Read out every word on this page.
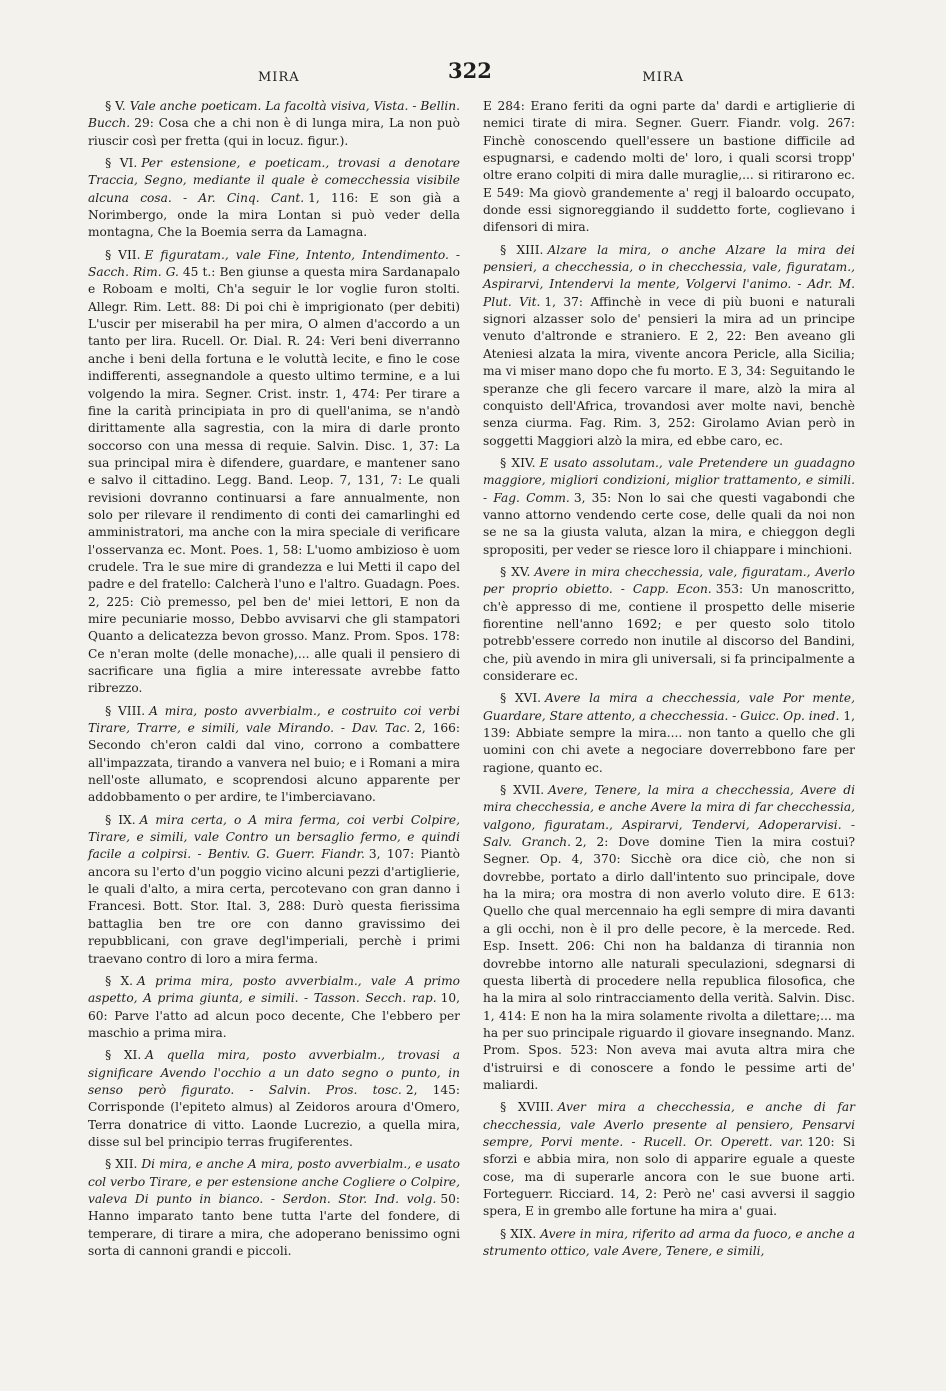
MIRA	322	MIRA

§ V. Vale anche poeticam. La facoltà visiva, Vista. - Bellin. Bucch. 29: Cosa che a chi non è di lunga mira, La non può riuscir così per fretta (qui in locuz. figur.).

§ VI. Per estensione, e poeticam., trovasi a denotare Traccia, Segno, mediante il quale è comecchessia visibile alcuna cosa. - Ar. Cinq. Cant. 1, 116: E son già a Norimbergo, onde la mira Lontan si può veder della montagna, Che la Boemia serra da Lamagna.

§ VII. E figuratam., vale Fine, Intento, Intendimento. - Sacch. Rim. G. 45 t.: Ben giunse a questa mira Sardanapalo e Roboam e molti, Ch'a seguir le lor voglie furon stolti. Allegr. Rim. Lett. 88: Di poi chi è imprigionato (per debiti) L'uscir per miserabil ha per mira, O almen d'accordo a un tanto per lira. Rucell. Or. Dial. R. 24: Veri beni diverranno anche i beni della fortuna e le voluttà lecite, e fino le cose indifferenti, assegnandole a questo ultimo termine, e a lui volgendo la mira. Segner. Crist. instr. 1, 474: Per tirare a fine la carità principiata in pro di quell'anima, se n'andò dirittamente alla sagrestia, con la mira di darle pronto soccorso con una messa di requie. Salvin. Disc. 1, 37: La sua principal mira è difendere, guardare, e mantener sano e salvo il cittadino. Legg. Band. Leop. 7, 131, 7: Le quali revisioni dovranno continuarsi a fare annualmente, non solo per rilevare il rendimento di conti dei camarlinghi ed amministratori, ma anche con la mira speciale di verificare l'osservanza ec. Mont. Poes. 1, 58: L'uomo ambizioso è uom crudele. Tra le sue mire di grandezza e lui Metti il capo del padre e del fratello: Calcherà l'uno e l'altro. Guadagn. Poes. 2, 225: Ciò premesso, pel ben de' miei lettori, E non da mire pecuniarie mosso, Debbo avvisarvi che gli stampatori Quanto a delicatezza bevon grosso. Manz. Prom. Spos. 178: Ce n'eran molte (delle monache),... alle quali il pensiero di sacrificare una figlia a mire interessate avrebbe fatto ribrezzo.

§ VIII. A mira, posto avverbialm., e costruito coi verbi Tirare, Trarre, e simili, vale Mirando. - Dav. Tac. 2, 166: Secondo ch'eron caldi dal vino, corrono a combattere all'impazzata, tirando a vanvera nel buio; e i Romani a mira nell'oste allumato, e scoprendosi alcuno apparente per addobbamento o per ardire, te l'imberciavano.

§ IX. A mira certa, o A mira ferma, coi verbi Colpire, Tirare, e simili, vale Contro un bersaglio fermo, e quindi facile a colpirsi. - Bentiv. G. Guerr. Fiandr. 3, 107: Piantò ancora su l'erto d'un poggio vicino alcuni pezzi d'artiglierie, le quali d'alto, a mira certa, percotevano con gran danno i Francesi. Bott. Stor. Ital. 3, 288: Durò questa fierissima battaglia ben tre ore con danno gravissimo dei repubblicani, con grave degl'imperiali, perchè i primi traevano contro di loro a mira ferma.

§ X. A prima mira, posto avverbialm., vale A primo aspetto, A prima giunta, e simili. - Tasson. Secch. rap. 10, 60: Parve l'atto ad alcun poco decente, Che l'ebbero per maschio a prima mira.

§ XI. A quella mira, posto avverbialm., trovasi a significare Avendo l'occhio a un dato segno o punto, in senso però figurato. - Salvin. Pros. tosc. 2, 145: Corrisponde (l'epiteto almus) al Zeidoros aroura d'Omero, Terra donatrice di vitto. Laonde Lucrezio, a quella mira, disse sul bel principio terras frugiferentes.

§ XII. Di mira, e anche A mira, posto avverbialm., e usato col verbo Tirare, e per estensione anche Cogliere o Colpire, valeva Di punto in bianco. - Serdon. Stor. Ind. volg. 50: Hanno imparato tanto bene tutta l'arte del fondere, di temperare, di tirare a mira, che adoperano benissimo ogni sorta di cannoni grandi e piccoli.

E 284: Erano feriti da ogni parte da' dardi e artiglierie di nemici tirate di mira. Segner. Guerr. Fiandr. volg. 267: Finchè conoscendo quell'essere un bastione difficile ad espugnarsi, e cadendo molti de' loro, i quali scorsi tropp' oltre erano colpiti di mira dalle muraglie,... si ritirarono ec. E 549: Ma giovò grandemente a' regj il baloardo occupato, donde essi signoreggiando il suddetto forte, coglievano i difensori di mira.

§ XIII. Alzare la mira, o anche Alzare la mira dei pensieri, a checchessia, o in checchessia, vale, figuratam., Aspirarvi, Intendervi la mente, Volgervi l'animo. - Adr. M. Plut. Vit. 1, 37: Affinchè in vece di più buoni e naturali signori alzasser solo de' pensieri la mira ad un principe venuto d'altronde e straniero. E 2, 22: Ben aveano gli Ateniesi alzata la mira, vivente ancora Pericle, alla Sicilia; ma vi miser mano dopo che fu morto. E 3, 34: Seguitando le speranze che gli fecero varcare il mare, alzò la mira al conquisto dell'Africa, trovandosi aver molte navi, benchè senza ciurma. Fag. Rim. 3, 252: Girolamo Avian però in soggetti Maggiori alzò la mira, ed ebbe caro, ec.

§ XIV. E usato assolutam., vale Pretendere un guadagno maggiore, migliori condizioni, miglior trattamento, e simili. - Fag. Comm. 3, 35: Non lo sai che questi vagabondi che vanno attorno vendendo certe cose, delle quali da noi non se ne sa la giusta valuta, alzan la mira, e chieggon degli spropositi, per veder se riesce loro il chiappare i minchioni.

§ XV. Avere in mira checchessia, vale, figuratam., Averlo per proprio obietto. - Capp. Econ. 353: Un manoscritto, ch'è appresso di me, contiene il prospetto delle miserie fiorentine nell'anno 1692; e per questo solo titolo potrebb'essere corredo non inutile al discorso del Bandini, che, più avendo in mira gli universali, si fa principalmente a considerare ec.

§ XVI. Avere la mira a checchessia, vale Por mente, Guardare, Stare attento, a checchessia. - Guicc. Op. ined. 1, 139: Abbiate sempre la mira.... non tanto a quello che gli uomini con chi avete a negociare doverrebbono fare per ragione, quanto ec.

§ XVII. Avere, Tenere, la mira a checchessia, Avere di mira checchessia, e anche Avere la mira di far checchessia, valgono, figuratam., Aspirarvi, Tendervi, Adoperarvisi. - Salv. Granch. 2, 2: Dove domine Tien la mira costui? Segner. Op. 4, 370: Sicchè ora dice ciò, che non si dovrebbe, portato a dirlo dall'intento suo principale, dove ha la mira; ora mostra di non averlo voluto dire. E 613: Quello che qual mercennaio ha egli sempre di mira davanti a gli occhi, non è il pro delle pecore, è la mercede. Red. Esp. Insett. 206: Chi non ha baldanza di tirannia non dovrebbe intorno alle naturali speculazioni, sdegnarsi di questa libertà di procedere nella republica filosofica, che ha la mira al solo rintracciamento della verità. Salvin. Disc. 1, 414: E non ha la mira solamente rivolta a dilettare;... ma ha per suo principale riguardo il giovare insegnando. Manz. Prom. Spos. 523: Non aveva mai avuta altra mira che d'istruirsi e di conoscere a fondo le pessime arti de' maliardi.

§ XVIII. Aver mira a checchessia, e anche di far checchessia, vale Averlo presente al pensiero, Pensarvi sempre, Porvi mente. - Rucell. Or. Operett. var. 120: Si sforzi e abbia mira, non solo di apparire eguale a queste cose, ma di superarle ancora con le sue buone arti. Forteguerr. Ricciard. 14, 2: Però ne' casi avversi il saggio spera, E in grembo alle fortune ha mira a' guai.

§ XIX. Avere in mira, riferito ad arma da fuoco, e anche a strumento ottico, vale Avere, Tenere, e simili,
